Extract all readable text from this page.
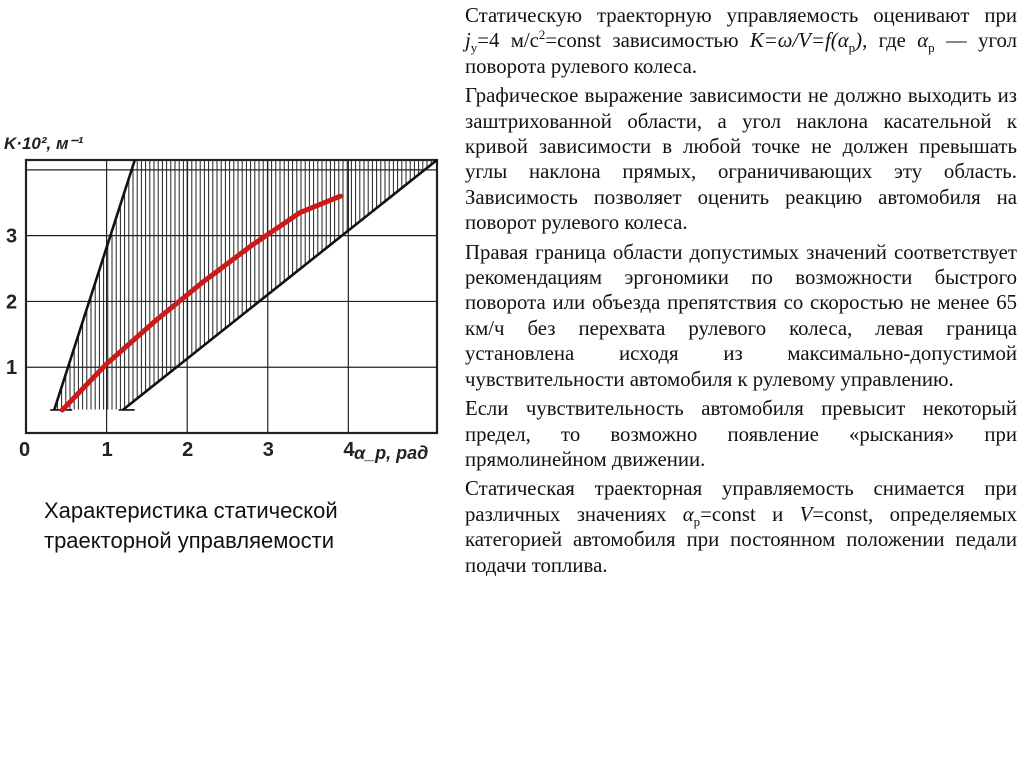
0	1	2	3	4
1
2
3
K·10², м⁻¹
α_p, рад
Характеристика статической траекторной управляемости

Статическую траекторную управляемость оценивают при $j_y=4$ $м/с^2=const$ зависимостью $K=\omega/V=f(\alpha_p)$, где $\alpha_p$ — угол поворота рулевого колеса.

Графическое выражение зависимости не должно выходить из заштрихованной области, а угол наклона касательной к кривой зависимости в любой точке не должен превышать углы наклона прямых, ограничивающих эту область. Зависимость позволяет оценить реакцию автомобиля на поворот рулевого колеса.

Правая граница области допустимых значений соответствует рекомендациям эргономики по возможности быстрого поворота или объезда препятствия со скоростью не менее 65 км/ч без перехвата рулевого колеса, левая граница установлена исходя из максимально-допустимой чувствительности автомобиля к рулевому управлению.

Если чувствительность автомобиля превысит некоторый предел, то возможно появление «рыскания» при прямолинейном движении.

Статическая траекторная управляемость снимается при различных значениях $\alpha_p=const$ и V=const, определяемых категорией автомобиля при постоянном положении педали подачи топлива.
